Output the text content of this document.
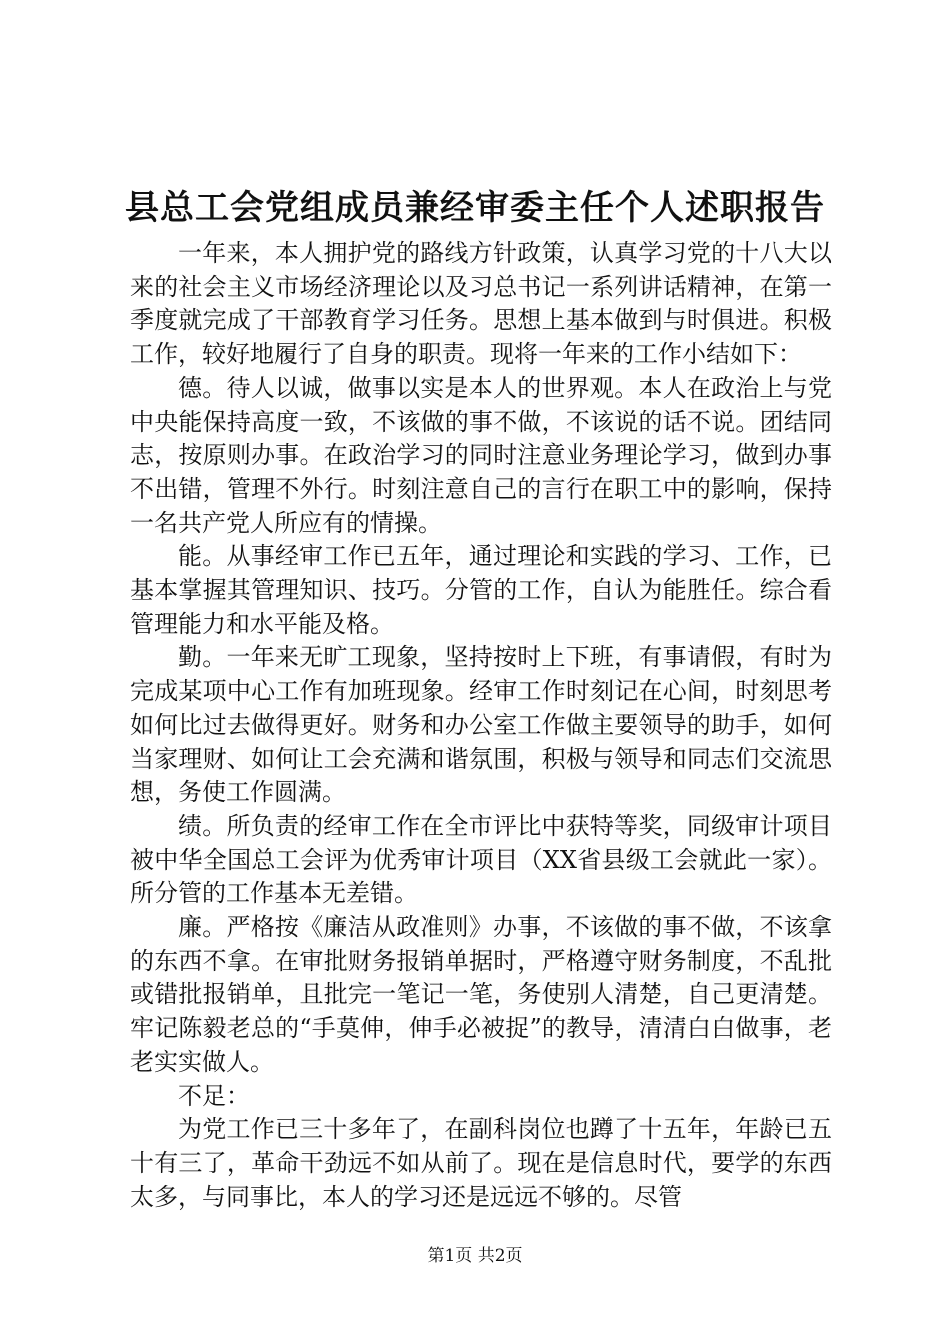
县总工会党组成员兼经审委主任个人述职报告

一年来，本人拥护党的路线方针政策，认真学习党的十八大以来的社会主义市场经济理论以及习总书记一系列讲话精神，在第一季度就完成了干部教育学习任务。思想上基本做到与时俱进。积极工作，较好地履行了自身的职责。现将一年来的工作小结如下：

德。待人以诚，做事以实是本人的世界观。本人在政治上与党中央能保持高度一致，不该做的事不做，不该说的话不说。团结同志，按原则办事。在政治学习的同时注意业务理论学习，做到办事不出错，管理不外行。时刻注意自己的言行在职工中的影响，保持一名共产党人所应有的情操。

能。从事经审工作已五年，通过理论和实践的学习、工作，已基本掌握其管理知识、技巧。分管的工作，自认为能胜任。综合看管理能力和水平能及格。

勤。一年来无旷工现象，坚持按时上下班，有事请假，有时为完成某项中心工作有加班现象。经审工作时刻记在心间，时刻思考如何比过去做得更好。财务和办公室工作做主要领导的助手，如何当家理财、如何让工会充满和谐氛围，积极与领导和同志们交流思想，务使工作圆满。

绩。所负责的经审工作在全市评比中获特等奖，同级审计项目被中华全国总工会评为优秀审计项目（XX省县级工会就此一家）。所分管的工作基本无差错。

廉。严格按《廉洁从政准则》办事，不该做的事不做，不该拿的东西不拿。在审批财务报销单据时，严格遵守财务制度，不乱批或错批报销单，且批完一笔记一笔，务使别人清楚，自己更清楚。牢记陈毅老总的“手莫伸，伸手必被捉”的教导，清清白白做事，老老实实做人。

不足：

为党工作已三十多年了，在副科岗位也蹲了十五年，年龄已五十有三了，革命干劲远不如从前了。现在是信息时代，要学的东西太多，与同事比，本人的学习还是远远不够的。尽管

第1页 共2页
